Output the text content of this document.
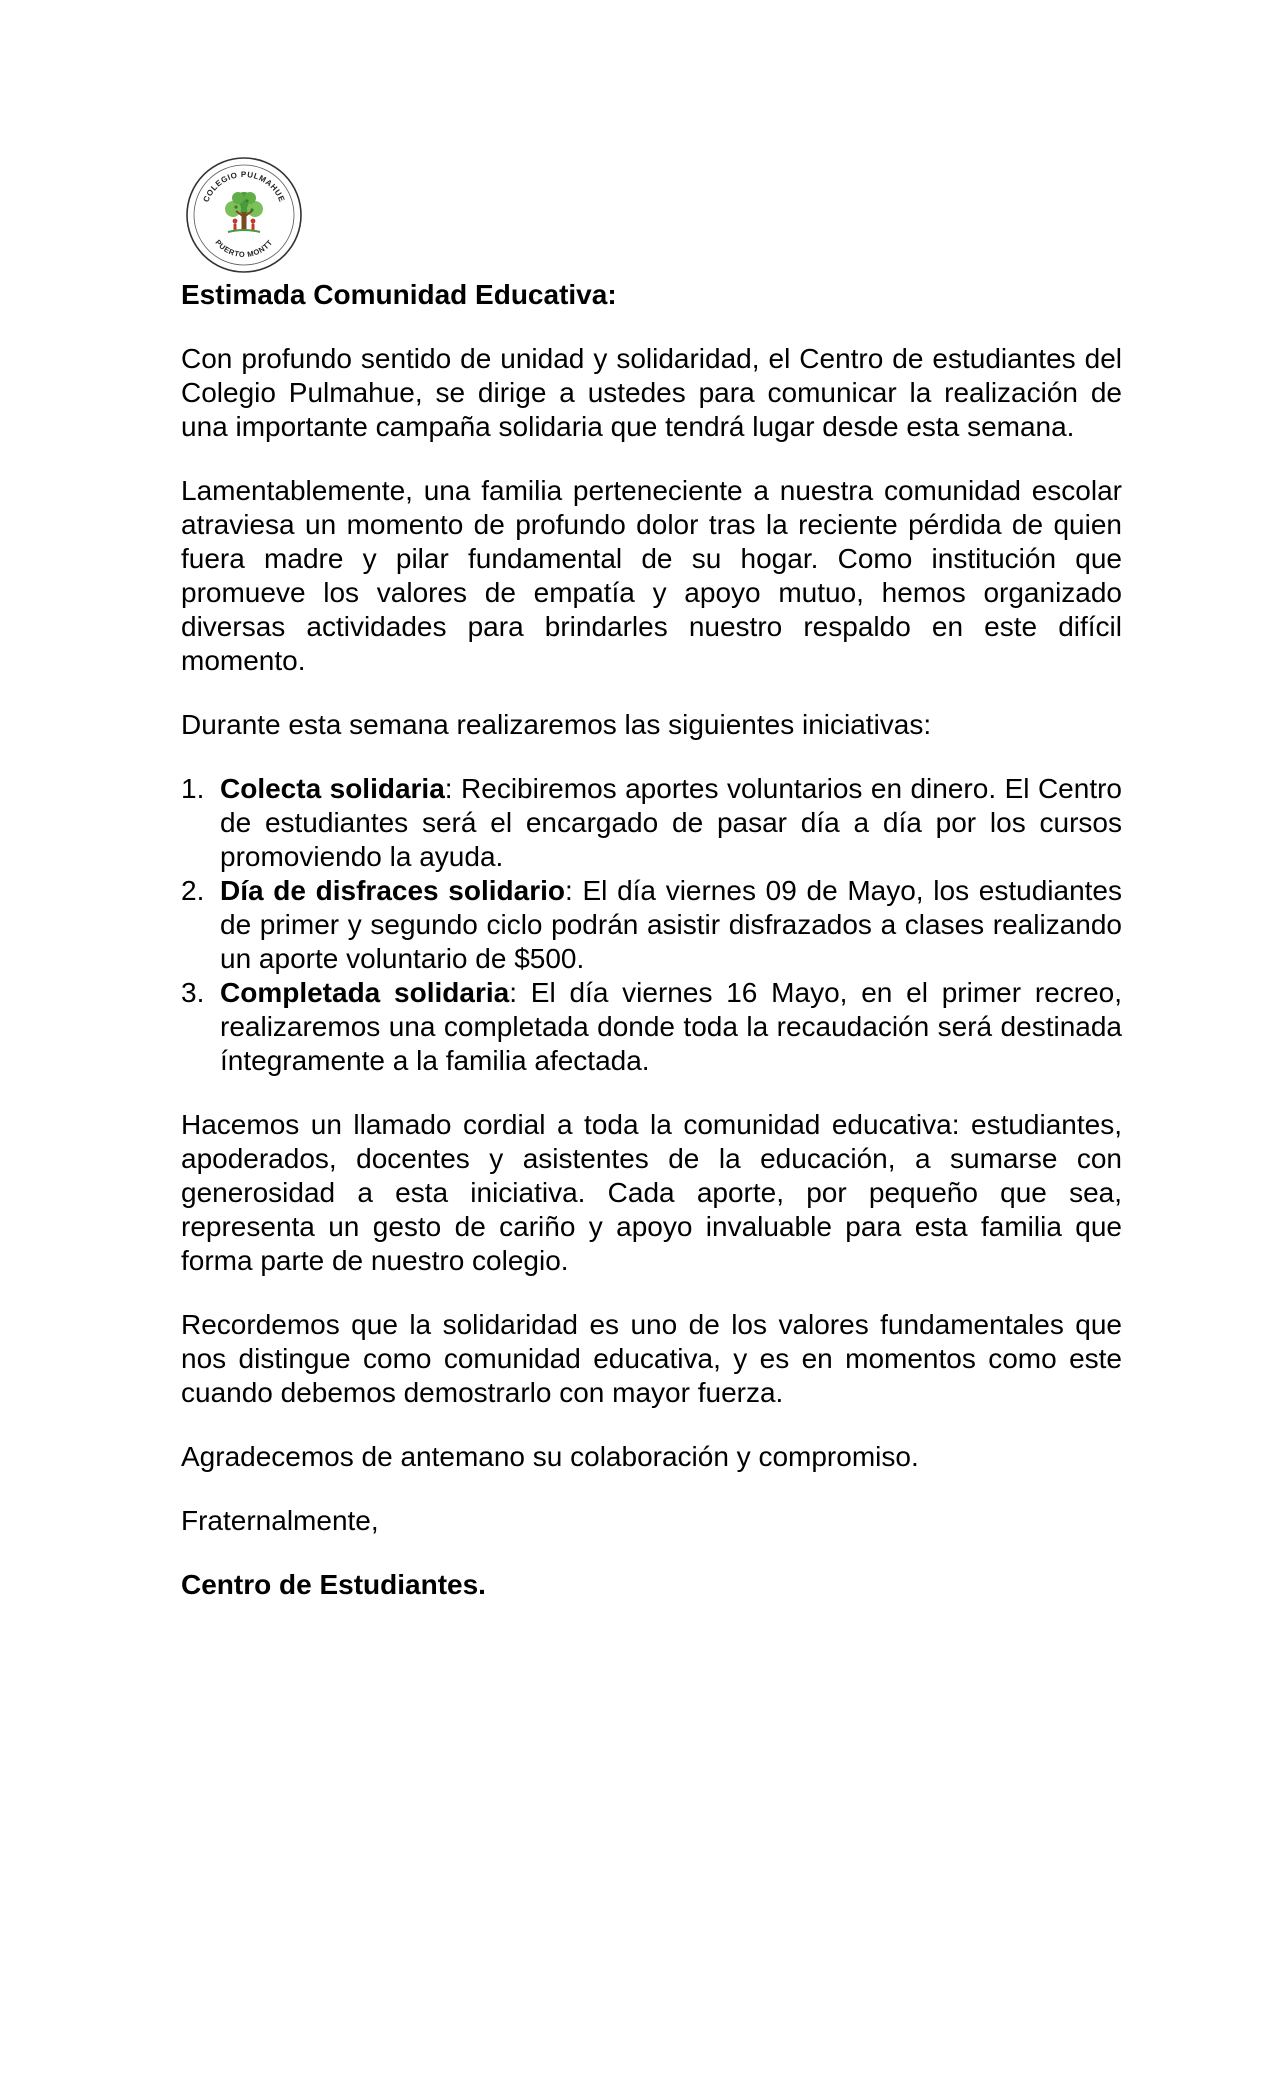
COLEGIO PULMAHUE
PUERTO MONTT

Estimada Comunidad Educativa:

Con profundo sentido de unidad y solidaridad, el Centro de estudiantes del Colegio Pulmahue, se dirige a ustedes para comunicar la realización de una importante campaña solidaria que tendrá lugar desde esta semana.

Lamentablemente, una familia perteneciente a nuestra comunidad escolar atraviesa un momento de profundo dolor tras la reciente pérdida de quien fuera madre y pilar fundamental de su hogar. Como institución que promueve los valores de empatía y apoyo mutuo, hemos organizado diversas actividades para brindarles nuestro respaldo en este difícil momento.

Durante esta semana realizaremos las siguientes iniciativas:

1. Colecta solidaria: Recibiremos aportes voluntarios en dinero. El Centro de estudiantes será el encargado de pasar día a día por los cursos promoviendo la ayuda.
2. Día de disfraces solidario: El día viernes 09 de Mayo, los estudiantes de primer y segundo ciclo podrán asistir disfrazados a clases realizando un aporte voluntario de $500.
3. Completada solidaria: El día viernes 16 Mayo, en el primer recreo, realizaremos una completada donde toda la recaudación será destinada íntegramente a la familia afectada.

Hacemos un llamado cordial a toda la comunidad educativa: estudiantes, apoderados, docentes y asistentes de la educación, a sumarse con generosidad a esta iniciativa. Cada aporte, por pequeño que sea, representa un gesto de cariño y apoyo invaluable para esta familia que forma parte de nuestro colegio.

Recordemos que la solidaridad es uno de los valores fundamentales que nos distingue como comunidad educativa, y es en momentos como este cuando debemos demostrarlo con mayor fuerza.

Agradecemos de antemano su colaboración y compromiso.

Fraternalmente,

Centro de Estudiantes.
